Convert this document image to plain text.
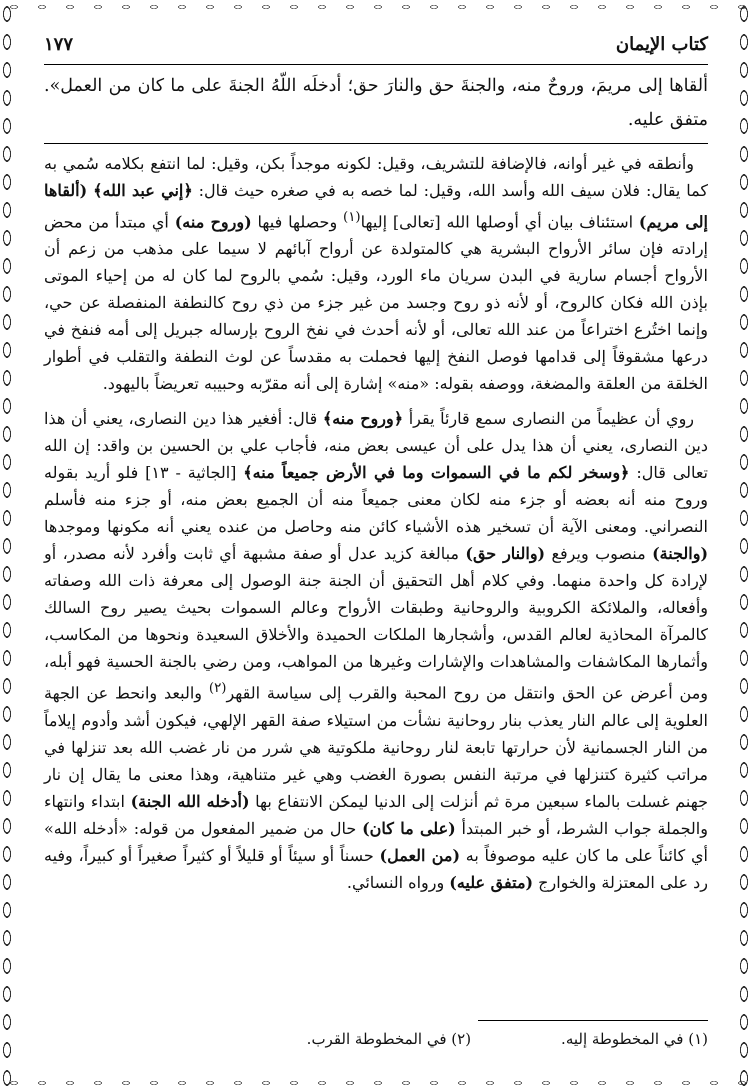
كتاب الإيمان
١٧٧
ألقاها إلى مريمَ، وروحٌ منه، والجنةَ حق والنارَ حق؛ أدخلَه اللّهُ الجنةَ على ما كان من العمل». متفق عليه.

وأنطقه في غير أوانه، فالإضافة للتشريف، وقيل: لكونه موجداً بكن، وقيل: لما انتفع بكلامه سُمي به كما يقال: فلان سيف الله وأسد الله، وقيل: لما خصه به في صغره حيث قال: ﴿إني عبد الله﴾ (ألقاها إلى مريم) استئناف بيان أي أوصلها الله [تعالى] إليها$^{(١)}$ وحصلها فيها (وروح منه) أي مبتدأ من محض إرادته فإن سائر الأرواح البشرية هي كالمتولدة عن أرواح آبائهم لا سيما على مذهب من زعم أن الأرواح أجسام سارية في البدن سريان ماء الورد، وقيل: سُمي بالروح لما كان له من إحياء الموتى بإذن الله فكان كالروح، أو لأنه ذو روح وجسد من غير جزء من ذي روح كالنطفة المنفصلة عن حي، وإنما اختُرع اختراعاً من عند الله تعالى، أو لأنه أحدث في نفخ الروح بإرساله جبريل إلى أمه فنفخ في درعها مشقوقاً إلى قدامها فوصل النفخ إليها فحملت به مقدساً عن لوث النطفة والتقلب في أطوار الخلقة من العلقة والمضغة، ووصفه بقوله: «منه» إشارة إلى أنه مقرّبه وحبيبه تعريضاً باليهود.

روي أن عظيماً من النصارى سمع قارئاً يقرأ ﴿وروح منه﴾ قال: أفغير هذا دين النصارى، يعني أن هذا دين النصارى، يعني أن هذا يدل على أن عيسى بعض منه، فأجاب علي بن الحسين بن واقد: إن الله تعالى قال: ﴿وسخر لكم ما في السموات وما في الأرض جميعاً منه﴾ [الجاثية - ١٣] فلو أريد بقوله وروح منه أنه بعضه أو جزء منه لكان معنى جميعاً منه أن الجميع بعض منه، أو جزء منه فأسلم النصراني. ومعنى الآية أن تسخير هذه الأشياء كائن منه وحاصل من عنده يعني أنه مكونها وموجدها (والجنة) منصوب ويرفع (والنار حق) مبالغة كزيد عدل أو صفة مشبهة أي ثابت وأفرد لأنه مصدر، أو لإرادة كل واحدة منهما. وفي كلام أهل التحقيق أن الجنة جنة الوصول إلى معرفة ذات الله وصفاته وأفعاله، والملائكة الكروبية والروحانية وطبقات الأرواح وعالم السموات بحيث يصير روح السالك كالمرآة المحاذية لعالم القدس، وأشجارها الملكات الحميدة والأخلاق السعيدة ونحوها من المكاسب، وأثمارها المكاشفات والمشاهدات والإشارات وغيرها من المواهب، ومن رضي بالجنة الحسية فهو أبله، ومن أعرض عن الحق وانتقل من روح المحبة والقرب إلى سياسة القهر$^{(٢)}$ والبعد وانحط عن الجهة العلوية إلى عالم النار يعذب بنار روحانية نشأت من استيلاء صفة القهر الإلهي، فيكون أشد وأدوم إيلاماً من النار الجسمانية لأن حرارتها تابعة لنار روحانية ملكوتية هي شرر من نار غضب الله بعد تنزلها في مراتب كثيرة كتنزلها في مرتبة النفس بصورة الغضب وهي غير متناهية، وهذا معنى ما يقال إن نار جهنم غسلت بالماء سبعين مرة ثم أنزلت إلى الدنيا ليمكن الانتفاع بها (أدخله الله الجنة) ابتداء وانتهاء والجملة جواب الشرط، أو خبر المبتدأ (على ما كان) حال من ضمير المفعول من قوله: «أدخله الله» أي كائناً على ما كان عليه موصوفاً به (من العمل) حسناً أو سيئاً أو قليلاً أو كثيراً صغيراً أو كبيراً، وفيه رد على المعتزلة والخوارج (متفق عليه) ورواه النسائي.

(١) في المخطوطة إليه.
(٢) في المخطوطة القرب.
